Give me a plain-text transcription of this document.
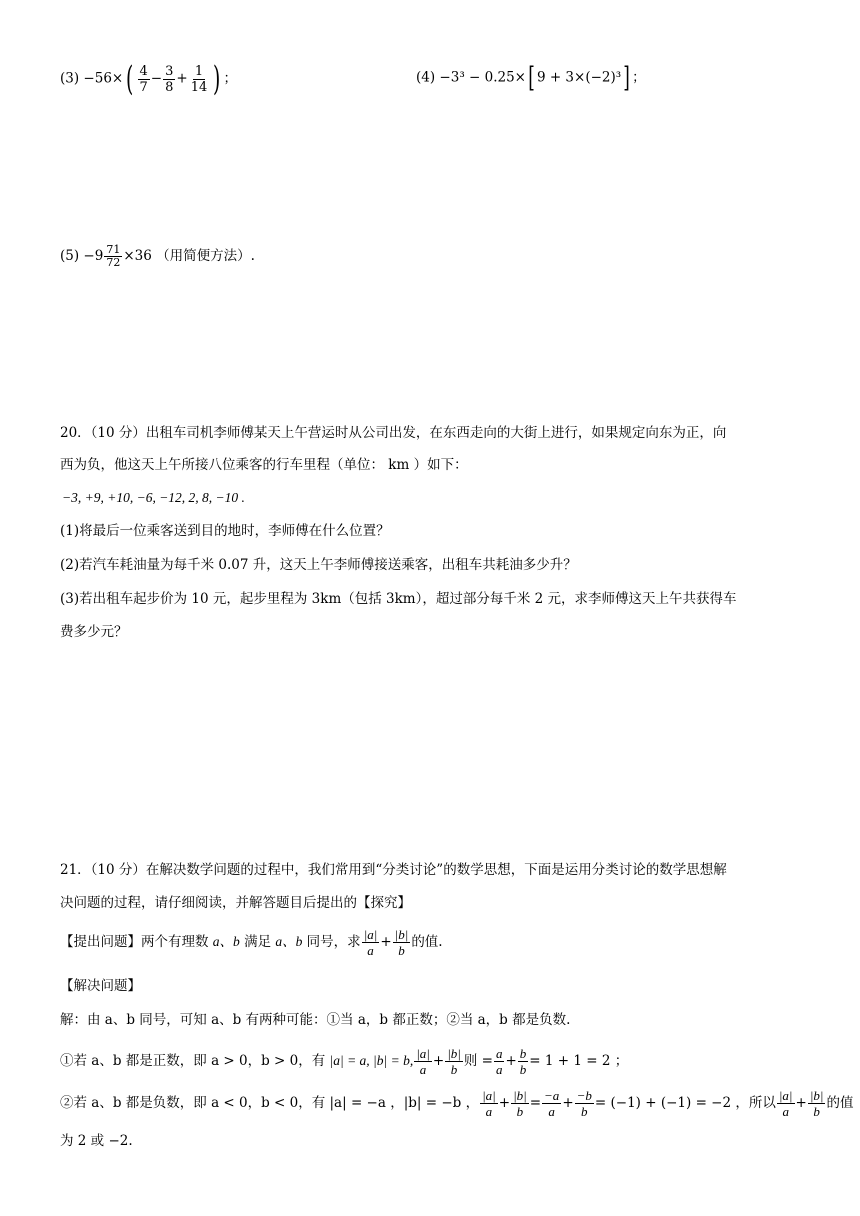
$(3) -56\times( \frac{4}{7} - \frac{3}{8} + \frac{1}{14}$ ) ；	(4) −3³ − 0.25×[ 9 + 3×(−2)³] ；
$(5) -9 \frac{71}{72} \times 36$ （用简便方法）.
20．（10 分）出租车司机李师傅某天上午营运时从公司出发，在东西走向的大街上进行，如果规定向东为正，向
西为负，他这天上午所接八位乘客的行车里程（单位： km ）如下：
−3, +9, +10, −6, −12, 2, 8, −10 .
(1)将最后一位乘客送到目的地时，李师傅在什么位置？
(2)若汽车耗油量为每千米 0.07 升，这天上午李师傅接送乘客，出租车共耗油多少升？
(3)若出租车起步价为 10 元，起步里程为 3km（包括 3km），超过部分每千米 2 元，求李师傅这天上午共获得车
费多少元？
21．（10 分）在解决数学问题的过程中，我们常用到“分类讨论”的数学思想，下面是运用分类讨论的数学思想解
决问题的过程，请仔细阅读，并解答题目后提出的【探究】
【提出问题】两个有理数 a、b 满足 a、b 同号，求 $\frac{|a|}{a} + \frac{|b|}{b}$ 的值.
【解决问题】
解：由 a、b 同号，可知 a、b 有两种可能：①当 a，b 都正数；②当 a，b 都是负数.
①若 a、b 都是正数，即 a > 0，b > 0，有 |a| = a, |b| = b, $\frac{|a|}{a} + \frac{|b|}{b}$ 则 = $\frac{a}{a} + \frac{b}{b} = 1 + 1 = 2$ ；
②若 a、b 都是负数，即 a < 0，b < 0，有 |a| = −a ，|b| = −b ， $\frac{|a|}{a} + \frac{|b|}{b} = \frac{-a}{a} + \frac{-b}{b} = (-1) + (-1) = -2$ ，所以 $\frac{|a|}{a} + \frac{|b|}{b}$ 的值
为 2 或 −2.
